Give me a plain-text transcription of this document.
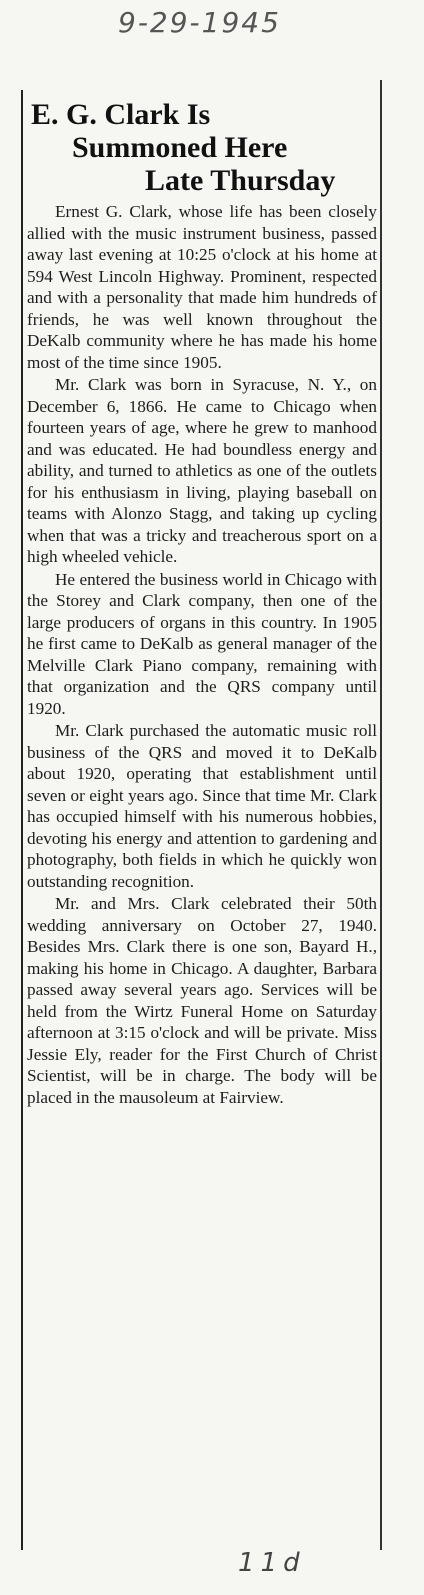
9-29-1945
E. G. Clark Is
Summoned Here
Late Thursday

Ernest G. Clark, whose life has been closely allied with the music instrument business, passed away last evening at 10:25 o'clock at his home at 594 West Lincoln Highway. Prominent, respected and with a personality that made him hundreds of friends, he was well known throughout the DeKalb community where he has made his home most of the time since 1905.

Mr. Clark was born in Syracuse, N. Y., on December 6, 1866. He came to Chicago when fourteen years of age, where he grew to manhood and was educated. He had boundless energy and ability, and turned to athletics as one of the outlets for his enthusiasm in living, playing baseball on teams with Alonzo Stagg, and taking up cycling when that was a tricky and treacherous sport on a high wheeled vehicle.

He entered the business world in Chicago with the Storey and Clark company, then one of the large producers of organs in this country. In 1905 he first came to DeKalb as general manager of the Melville Clark Piano company, remaining with that organization and the QRS company until 1920.

Mr. Clark purchased the automatic music roll business of the QRS and moved it to DeKalb about 1920, operating that establishment until seven or eight years ago. Since that time Mr. Clark has occupied himself with his numerous hobbies, devoting his energy and attention to gardening and photography, both fields in which he quickly won outstanding recognition.

Mr. and Mrs. Clark celebrated their 50th wedding anniversary on October 27, 1940. Besides Mrs. Clark there is one son, Bayard H., making his home in Chicago. A daughter, Barbara passed away several years ago. Services will be held from the Wirtz Funeral Home on Saturday afternoon at 3:15 o'clock and will be private. Miss Jessie Ely, reader for the First Church of Christ Scientist, will be in charge. The body will be placed in the mausoleum at Fairview.

11d
